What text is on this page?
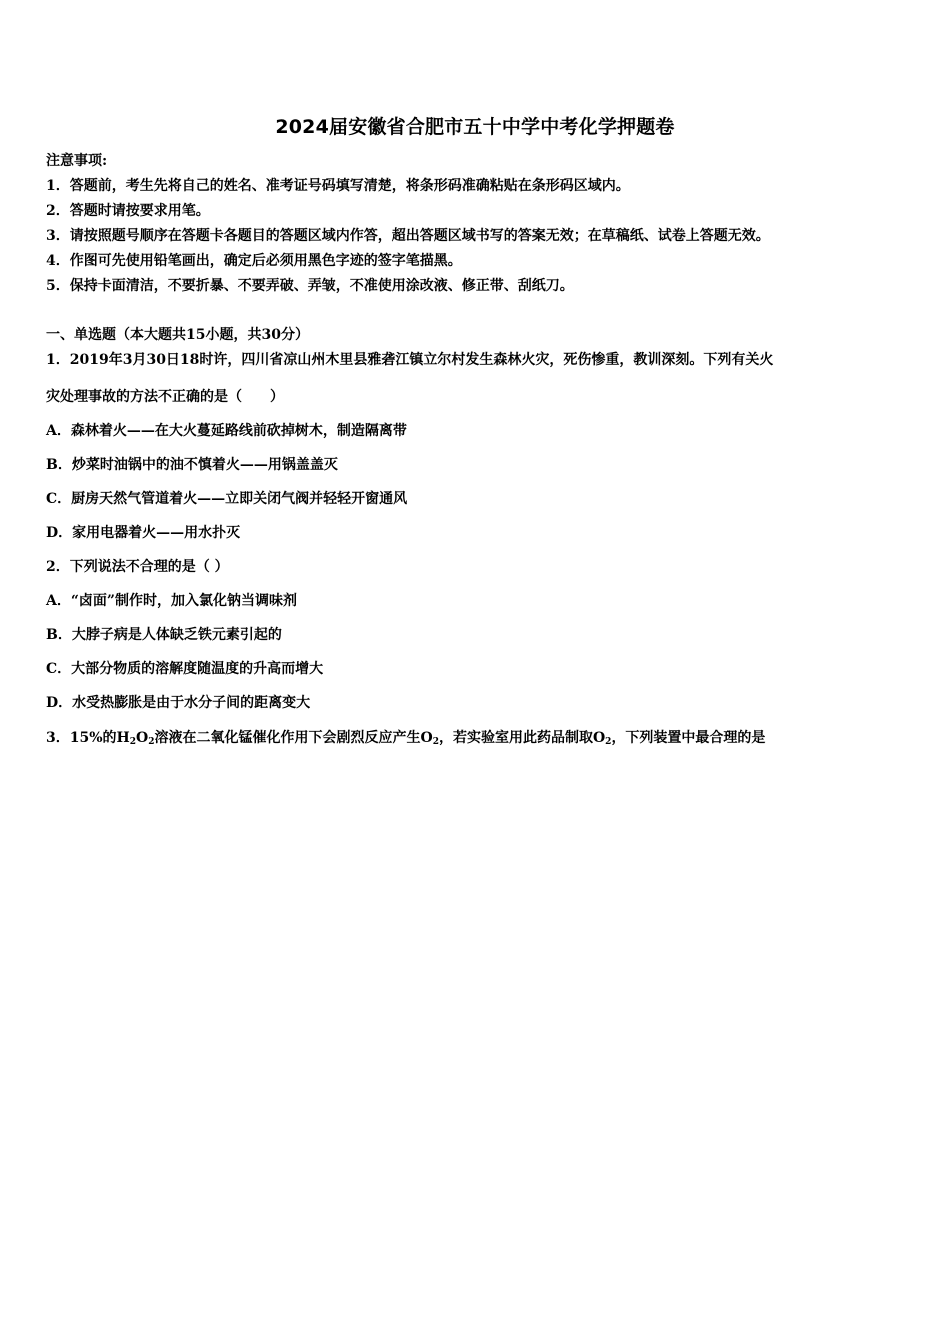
2024届安徽省合肥市五十中学中考化学押题卷
注意事项:
1．答题前，考生先将自己的姓名、准考证号码填写清楚，将条形码准确粘贴在条形码区域内。
2．答题时请按要求用笔。
3．请按照题号顺序在答题卡各题目的答题区域内作答，超出答题区域书写的答案无效；在草稿纸、试卷上答题无效。
4．作图可先使用铅笔画出，确定后必须用黑色字迹的签字笔描黑。
5．保持卡面清洁，不要折暴、不要弄破、弄皱，不准使用涂改液、修正带、刮纸刀。
一、单选题（本大题共15小题，共30分）
1．2019年3月30日18时许，四川省凉山州木里县雅砻江镇立尔村发生森林火灾，死伤惨重，教训深刻。下列有关火
灾处理事故的方法不正确的是（ ）
A．森林着火——在大火蔓延路线前砍掉树木，制造隔离带
B．炒菜时油锅中的油不慎着火——用锅盖盖灭
C．厨房天然气管道着火——立即关闭气阀并轻轻开窗通风
D．家用电器着火——用水扑灭
2．下列说法不合理的是（ ）
A．“卤面”制作时，加入氯化钠当调味剂
B．大脖子病是人体缺乏铁元素引起的
C．大部分物质的溶解度随温度的升高而增大
D．水受热膨胀是由于水分子间的距离变大
3．15%的$H_2O_2$溶液在二氧化锰催化作用下会剧烈反应产生$O_2$，若实验室用此药品制取$O_2$，下列装置中最合理的是
